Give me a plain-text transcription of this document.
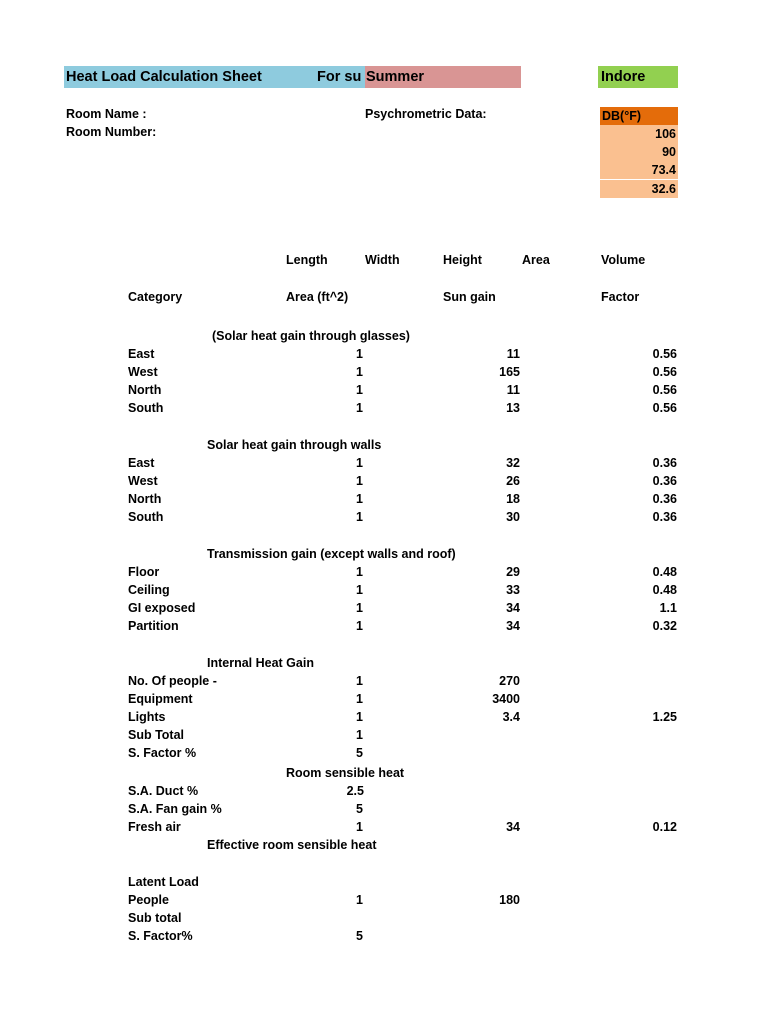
Heat Load Calculation Sheet	For su Summer	Indore
Room Name :
Room Number:
Psychrometric Data:	DB(°F)
106
90
73.4
32.6
Length	Width	Height	Area	Volume
Category	Area (ft^2)	Sun gain	Factor
(Solar heat gain through glasses)
East	1	11	0.56
West	1	165	0.56
North	1	11	0.56
South	1	13	0.56
Solar heat gain through walls
East	1	32	0.36
West	1	26	0.36
North	1	18	0.36
South	1	30	0.36
Transmission gain (except walls and roof)
Floor	1	29	0.48
Ceiling	1	33	0.48
GI exposed	1	34	1.1
Partition	1	34	0.32
Internal Heat Gain
No. Of people -	1	270
Equipment	1	3400
Lights	1	3.4	1.25
Sub Total	1
S. Factor %	5
Room sensible heat
S.A. Duct %	2.5
S.A. Fan gain %	5
Fresh air	1	34	0.12
Effective room sensible heat
Latent Load
People	1	180
Sub total
S. Factor%	5
